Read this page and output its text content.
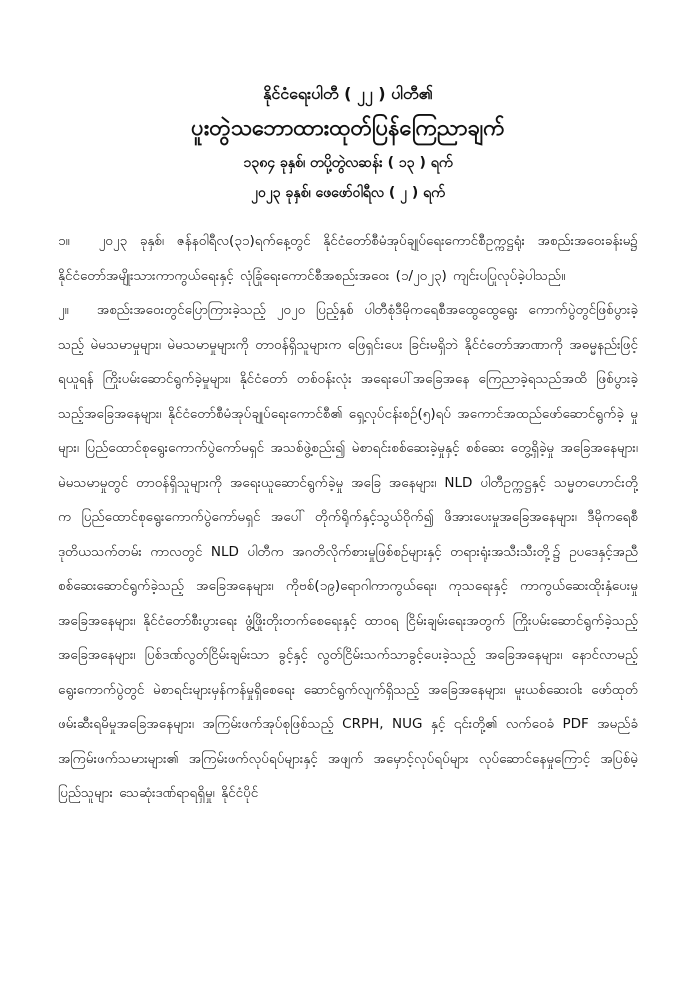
နိုင်ငံရေးပါတီ ( ၂၂ ) ပါတီ၏
ပူးတွဲသဘောထားထုတ်ပြန်ကြေညာချက်
၁၃၈၄ ခုနှစ်၊ တပို့တွဲလဆန်း ( ၁၃ ) ရက်
၂၀၂၃ ခုနှစ်၊ ဖေဖော်ဝါရီလ ( ၂ ) ရက်

၁။ ၂၀၂၃ ခုနှစ်၊ ဇန်နဝါရီလ(၃၁)ရက်နေ့တွင် နိုင်ငံတော်စီမံအုပ်ချုပ်ရေးကောင်စီဥက္ကဋ္ဌရုံး အစည်းအဝေးခန်းမ၌ နိုင်ငံတော်အမျိုးသားကာကွယ်ရေးနှင့် လုံခြုံရေးကောင်စီအစည်းအဝေး (၁/၂၀၂၃) ကျင်းပပြုလုပ်ခဲ့ပါသည်။

၂။ အစည်းအဝေးတွင်ပြောကြားခဲ့သည့် ၂၀၂၀ ပြည့်နှစ် ပါတီစုံဒီမိုကရေစီအထွေထွေရွေး ကောက်ပွဲတွင်ဖြစ်ပွားခဲ့သည့် မဲမသမာမှုများ၊ မဲမသမာမှုများကို တာဝန်ရှိသူများက ဖြေရှင်းပေး ခြင်းမရှိဘဲ နိုင်ငံတော်အာဏာကို အဓမ္မနည်းဖြင့်ရယူရန် ကြိုးပမ်းဆောင်ရွက်ခဲ့မှုများ၊ နိုင်ငံတော် တစ်ဝန်းလုံး အရေးပေါ်အခြေအနေ ကြေညာခဲ့ရသည်အထိ ဖြစ်ပွားခဲ့သည့်အခြေအနေများ၊ နိုင်ငံတော်စီမံအုပ်ချုပ်ရေးကောင်စီ၏ ရှေ့လုပ်ငန်းစဉ်(၅)ရပ် အကောင်အထည်ဖော်ဆောင်ရွက်ခဲ့ မှုများ၊ ပြည်ထောင်စုရွေးကောက်ပွဲကော်မရှင် အသစ်ဖွဲ့စည်း၍ မဲစာရင်းစစ်ဆေးခဲ့မှုနှင့် စစ်ဆေး တွေ့ရှိခဲ့မှု အခြေအနေများ၊ မဲမသမာမှုတွင် တာဝန်ရှိသူများကို အရေးယူဆောင်ရွက်ခဲ့မှု အခြေ အနေများ၊ NLD ပါတီဥက္ကဋ္ဌနှင့် သမ္မတဟောင်းတို့က ပြည်ထောင်စုရွေးကောက်ပွဲကော်မရှင် အပေါ် တိုက်ရိုက်နှင့်သွယ်ဝိုက်၍ ဖိအားပေးမှုအခြေအနေများ၊ ဒီမိုကရေစီ ဒုတိယသက်တမ်း ကာလတွင် NLD ပါတီက အဂတိလိုက်စားမှုဖြစ်စဉ်များနှင့် တရားရုံးအသီးသီးတို့၌ ဥပဒေနှင့်အညီ စစ်ဆေးဆောင်ရွက်ခဲ့သည့် အခြေအနေများ၊ ကိုဗစ်(၁၉)ရောဂါကာကွယ်ရေး၊ ကုသရေးနှင့် ကာကွယ်ဆေးထိုးနှံပေးမှု အခြေအနေများ၊ နိုင်ငံတော်စီးပွားရေး ဖွံ့ဖြိုးတိုးတက်စေရေးနှင့် ထာဝရ ငြိမ်းချမ်းရေးအတွက် ကြိုးပမ်းဆောင်ရွက်ခဲ့သည့် အခြေအနေများ၊ ပြစ်ဒဏ်လွတ်ငြိမ်းချမ်းသာ ခွင့်နှင့် လွတ်ငြိမ်းသက်သာခွင့်ပေးခဲ့သည့် အခြေအနေများ၊ နောင်လာမည့်ရွေးကောက်ပွဲတွင် မဲစာရင်းများမှန်ကန်မှုရှိစေရေး ဆောင်ရွက်လျက်ရှိသည့် အခြေအနေများ၊ မူးယစ်ဆေးဝါး ဖော်ထုတ်ဖမ်းဆီးရမိမှုအခြေအနေများ၊ အကြမ်းဖက်အုပ်စုဖြစ်သည့် CRPH, NUG နှင့် ၎င်းတို့၏ လက်ဝေခံ PDF အမည်ခံ အကြမ်းဖက်သမားများ၏ အကြမ်းဖက်လုပ်ရပ်များနှင့် အဖျက် အမှောင့်လုပ်ရပ်များ လုပ်ဆောင်နေမှုကြောင့် အပြစ်မဲ့ပြည်သူများ သေဆုံးဒဏ်ရာရရှိမှု၊ နိုင်ငံပိုင်
